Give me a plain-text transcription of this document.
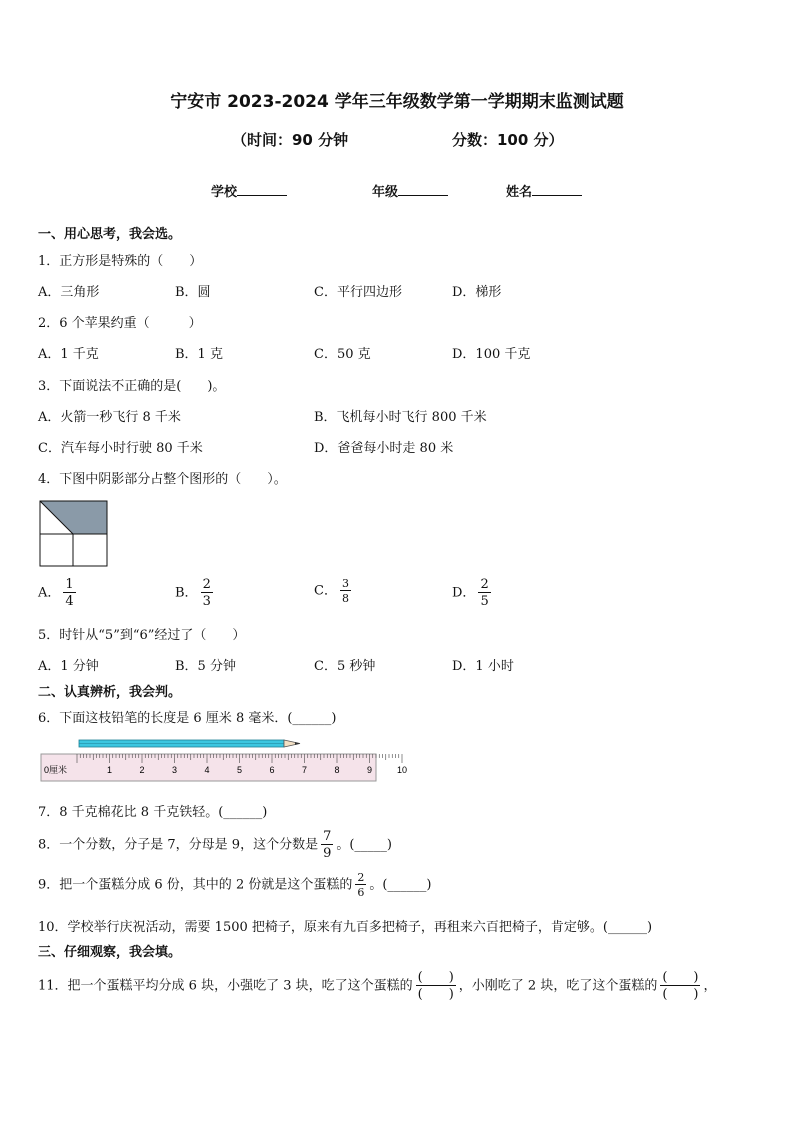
宁安市 2023-2024 学年三年级数学第一学期期末监测试题
（时间：90 分钟	分数：100 分）
学校	年级	姓名
一、用心思考，我会选。
1．正方形是特殊的（　　）
A．三角形	B．圆	C．平行四边形	D．梯形
2．6 个苹果约重（　　　）
A．1 千克	B．1 克	C．50 克	D．100 千克
3．下面说法不正确的是(　　)。
A．火箭一秒飞行 8 千米	B．飞机每小时飞行 800 千米
C．汽车每小时行驶 80 千米	D．爸爸每小时走 80 米
4．下图中阴影部分占整个图形的（　　）。
A． $\frac{1}{4}$	B． $\frac{2}{3}$	C． $\frac{3}{8}$	D． $\frac{2}{5}$
5．时针从“5”到“6”经过了（　　）
A．1 分钟	B．5 分钟	C．5 秒钟	D．1 小时
二、认真辨析，我会判。
6．下面这枝铅笔的长度是 6 厘米 8 毫米．(______)
0厘米	1	2	3	4	5	6	7	8	9	10
7．8 千克棉花比 8 千克铁轻。(______)
8．一个分数，分子是 7，分母是 9，这个分数是 $\frac{7}{9}$ 。(_____)
9．把一个蛋糕分成 6 份，其中的 2 份就是这个蛋糕的 $\frac{2}{6}$ 。(______)
10．学校举行庆祝活动，需要 1500 把椅子，原来有九百多把椅子，再租来六百把椅子，肯定够。(______)
三、仔细观察，我会填。
11．把一个蛋糕平均分成 6 块，小强吃了 3 块，吃了这个蛋糕的 $\frac{( )}{( )}$ ，小刚吃了 2 块，吃了这个蛋糕的 $\frac{( )}{( )}$ ，
